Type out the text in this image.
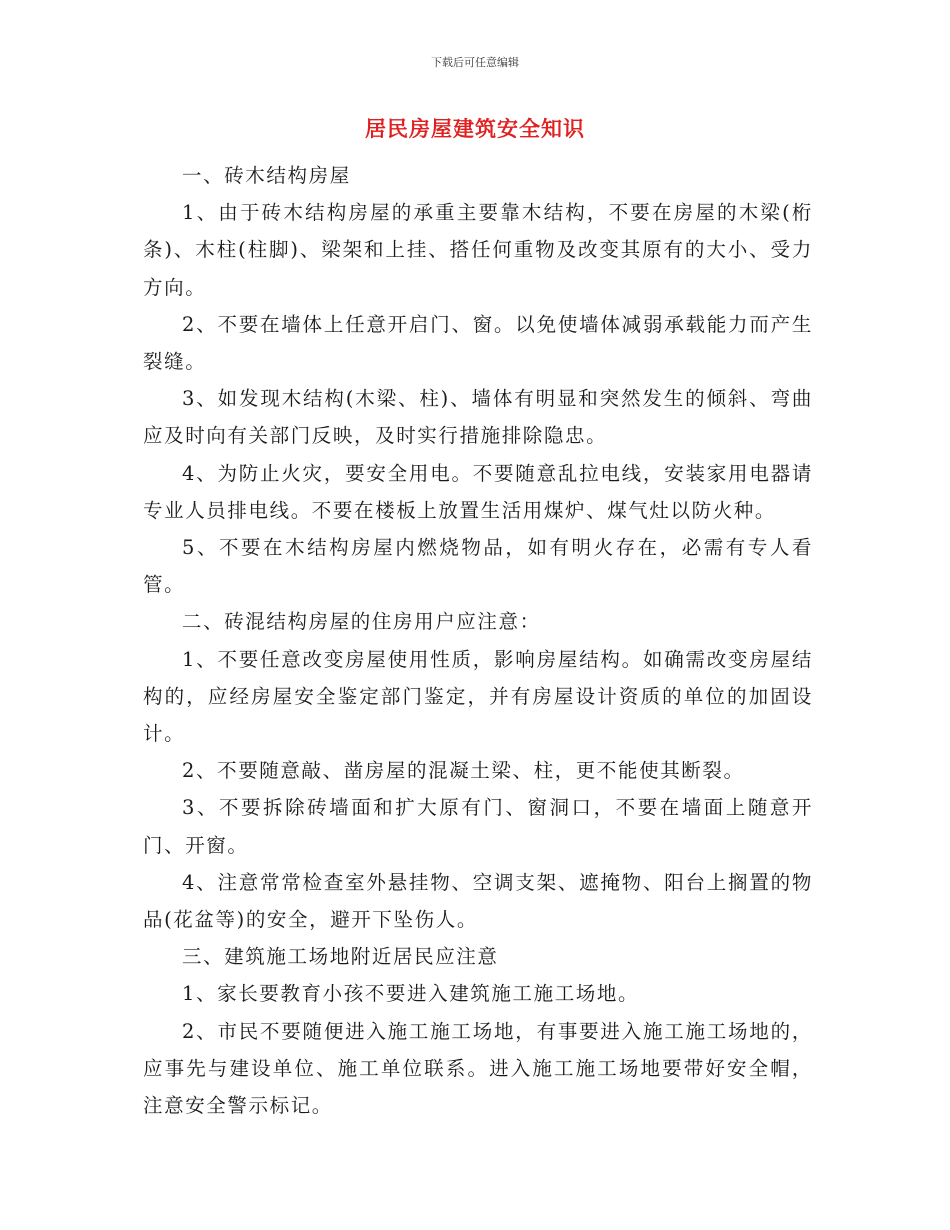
下载后可任意编辑
居民房屋建筑安全知识

一、砖木结构房屋

1、由于砖木结构房屋的承重主要靠木结构，不要在房屋的木梁(桁条)、木柱(柱脚)、梁架和上挂、搭任何重物及改变其原有的大小、受力方向。

2、不要在墙体上任意开启门、窗。以免使墙体减弱承载能力而产生裂缝。

3、如发现木结构(木梁、柱)、墙体有明显和突然发生的倾斜、弯曲应及时向有关部门反映，及时实行措施排除隐忠。

4、为防止火灾，要安全用电。不要随意乱拉电线，安装家用电器请专业人员排电线。不要在楼板上放置生活用煤炉、煤气灶以防火种。

5、不要在木结构房屋内燃烧物品，如有明火存在，必需有专人看管。

二、砖混结构房屋的住房用户应注意：

1、不要任意改变房屋使用性质，影响房屋结构。如确需改变房屋结构的，应经房屋安全鉴定部门鉴定，并有房屋设计资质的单位的加固设计。

2、不要随意敲、凿房屋的混凝土梁、柱，更不能使其断裂。

3、不要拆除砖墙面和扩大原有门、窗洞口，不要在墙面上随意开门、开窗。

4、注意常常检查室外悬挂物、空调支架、遮掩物、阳台上搁置的物品(花盆等)的安全，避开下坠伤人。

三、建筑施工场地附近居民应注意

1、家长要教育小孩不要进入建筑施工施工场地。

2、市民不要随便进入施工施工场地，有事要进入施工施工场地的，应事先与建设单位、施工单位联系。进入施工施工场地要带好安全帽，注意安全警示标记。
